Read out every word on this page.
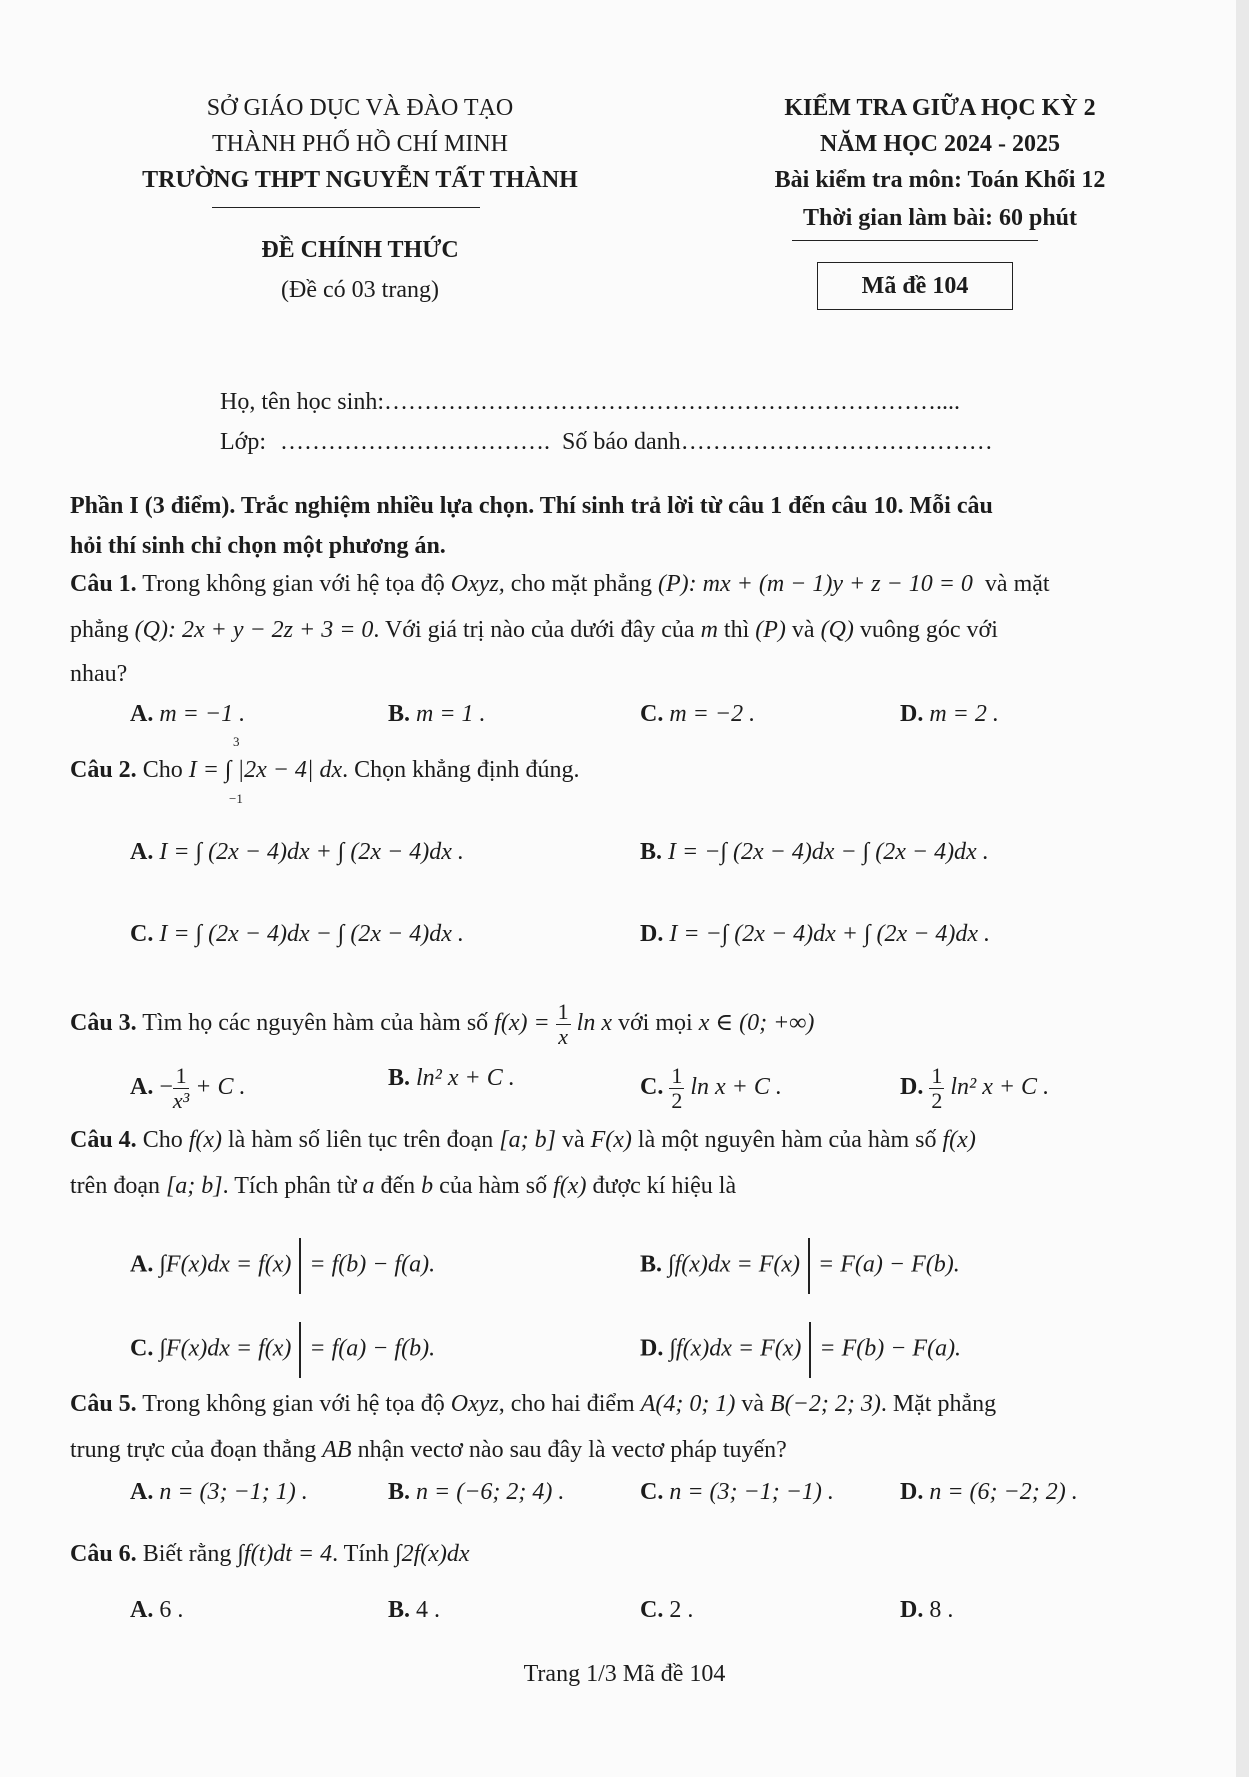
SỞ GIÁO DỤC VÀ ĐÀO TẠO
THÀNH PHỐ HỒ CHÍ MINH
TRƯỜNG THPT NGUYỄN TẤT THÀNH
ĐỀ CHÍNH THỨC
(Đề có 03 trang)
KIỂM TRA GIỮA HỌC KỲ 2
NĂM HỌC 2024 - 2025
Bài kiểm tra môn: Toán Khối 12
Thời gian làm bài: 60 phút
Mã đề 104
Họ, tên học sinh:……………………………………………………………....
Lớp: ……………………………. Số báo danh…………………………………
Phần I (3 điểm). Trắc nghiệm nhiều lựa chọn. Thí sinh trả lời từ câu 1 đến câu 10. Mỗi câu
hỏi thí sinh chỉ chọn một phương án.
Câu 1. Trong không gian với hệ tọa độ Oxyz, cho mặt phẳng (P): mx + (m − 1)y + z − 10 = 0 và mặt
phẳng (Q): 2x + y − 2z + 3 = 0. Với giá trị nào của dưới đây của m thì (P) và (Q) vuông góc với
nhau?
A. m = −1 .	B. m = 1 .	C. m = −2 .	D. m = 2 .
Câu 2. Cho I = ∫ |2x − 4| dx. Chọn khẳng định đúng.
3
−1
A. I = ∫ (2x − 4)dx + ∫ (2x − 4)dx .	B. I = −∫ (2x − 4)dx − ∫ (2x − 4)dx .
C. I = ∫ (2x − 4)dx − ∫ (2x − 4)dx .	D. I = −∫ (2x − 4)dx + ∫ (2x − 4)dx .
Câu 3. Tìm họ các nguyên hàm của hàm số $f(x) = \frac{1}{x}$ ln x với mọi x ∈ (0; +∞)
A. − $\frac{1}{\text{x³}} + C$ .	B. ln² x + C .	C. $\frac{1}{2}$ ln x + C .	D. $\frac{1}{2} \ln^2$ x + C .
Câu 4. Cho f(x) là hàm số liên tục trên đoạn [a; b] và F(x) là một nguyên hàm của hàm số f(x)
trên đoạn [a; b]. Tích phân từ a đến b của hàm số f(x) được kí hiệu là
A. ∫F(x)dx = f(x) = f(b) − f(a).	B. ∫f(x)dx = F(x) = F(a) − F(b).
C. ∫F(x)dx = f(x) = f(a) − f(b).	D. ∫f(x)dx = F(x) = F(b) − F(a).
Câu 5. Trong không gian với hệ tọa độ Oxyz, cho hai điểm A(4; 0; 1) và B(−2; 2; 3). Mặt phẳng
trung trực của đoạn thẳng AB nhận vectơ nào sau đây là vectơ pháp tuyến?
A. n = (3; −1; 1) .	B. n = (−6; 2; 4) .	C. n = (3; −1; −1) .	D. n = (6; −2; 2) .
Câu 6. Biết rằng ∫f(t)dt = 4. Tính ∫2f(x)dx
A. 6 .	B. 4 .	C. 2 .	D. 8 .
Trang 1/3 Mã đề 104
